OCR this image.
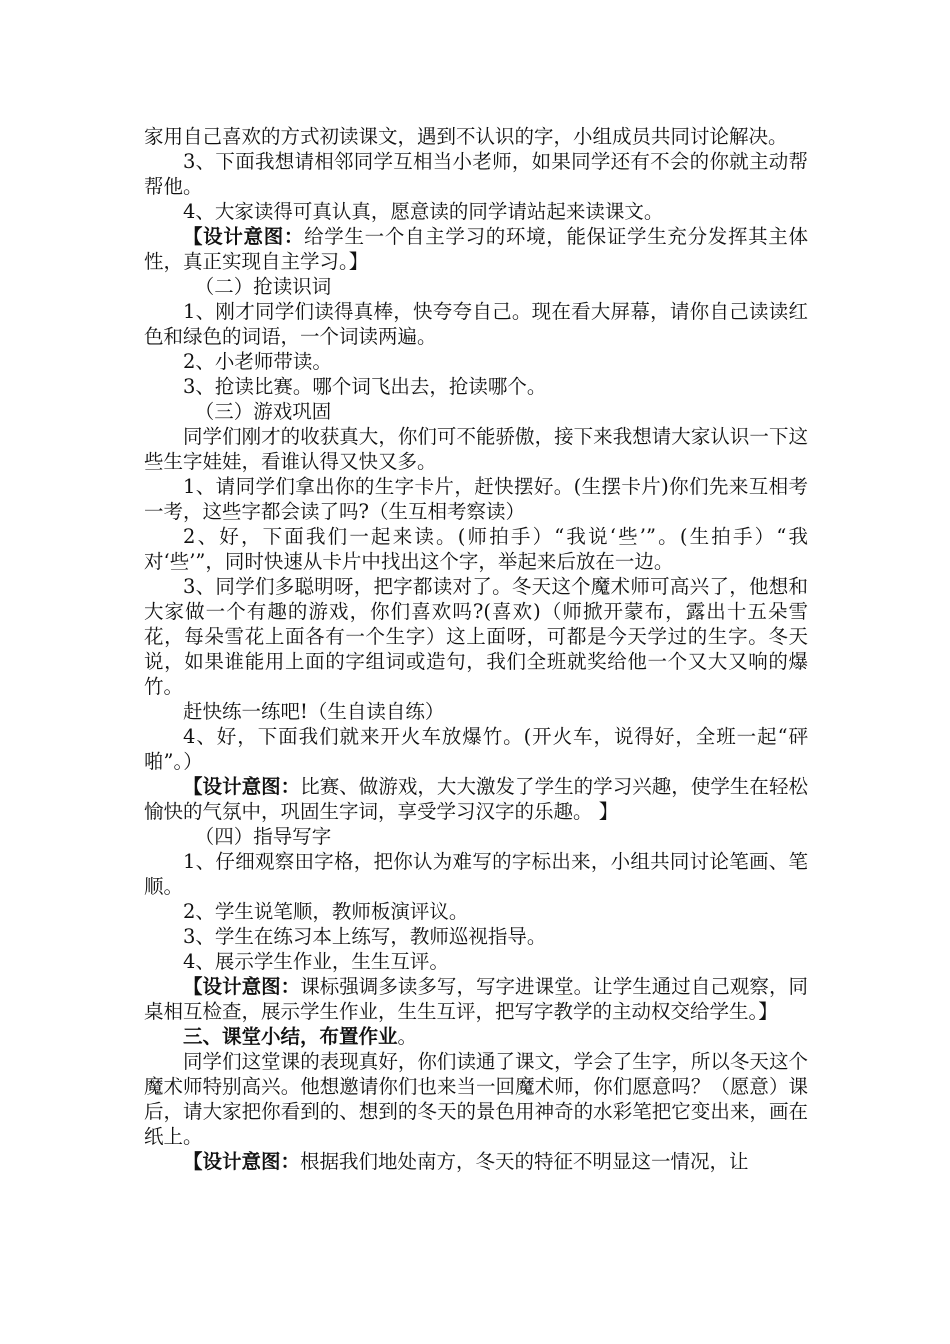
家用自己喜欢的方式初读课文，遇到不认识的字，小组成员共同讨论解决。

3、下面我想请相邻同学互相当小老师，如果同学还有不会的你就主动帮帮他。

4、大家读得可真认真，愿意读的同学请站起来读课文。

【设计意图：给学生一个自主学习的环境，能保证学生充分发挥其主体性，真正实现自主学习。】

（二）抢读识词

1、刚才同学们读得真棒，快夸夸自己。现在看大屏幕，请你自己读读红色和绿色的词语，一个词读两遍。

2、小老师带读。

3、抢读比赛。哪个词飞出去，抢读哪个。

（三）游戏巩固

同学们刚才的收获真大，你们可不能骄傲，接下来我想请大家认识一下这些生字娃娃，看谁认得又快又多。

1、请同学们拿出你的生字卡片，赶快摆好。(生摆卡片)你们先来互相考一考，这些字都会读了吗?（生互相考察读）

2、好，下面我们一起来读。(师拍手）“我说‘些’”。(生拍手）“我对‘些’”，同时快速从卡片中找出这个字，举起来后放在一边。

3、同学们多聪明呀，把字都读对了。冬天这个魔术师可高兴了，他想和大家做一个有趣的游戏，你们喜欢吗?(喜欢)（师掀开蒙布，露出十五朵雪花，每朵雪花上面各有一个生字）这上面呀，可都是今天学过的生字。冬天说，如果谁能用上面的字组词或造句，我们全班就奖给他一个又大又响的爆竹。

赶快练一练吧!（生自读自练）

4、好，下面我们就来开火车放爆竹。(开火车，说得好，全班一起“砰啪”。）

【设计意图：比赛、做游戏，大大激发了学生的学习兴趣，使学生在轻松愉快的气氛中，巩固生字词，享受学习汉字的乐趣。 】

（四）指导写字

1、仔细观察田字格，把你认为难写的字标出来，小组共同讨论笔画、笔顺。

2、学生说笔顺，教师板演评议。

3、学生在练习本上练写，教师巡视指导。

4、展示学生作业，生生互评。

【设计意图：课标强调多读多写，写字进课堂。让学生通过自己观察，同桌相互检查，展示学生作业，生生互评，把写字教学的主动权交给学生。】

三、课堂小结，布置作业。

同学们这堂课的表现真好，你们读通了课文，学会了生字，所以冬天这个魔术师特别高兴。他想邀请你们也来当一回魔术师，你们愿意吗？（愿意）课后，请大家把你看到的、想到的冬天的景色用神奇的水彩笔把它变出来，画在纸上。

【设计意图：根据我们地处南方，冬天的特征不明显这一情况，让
